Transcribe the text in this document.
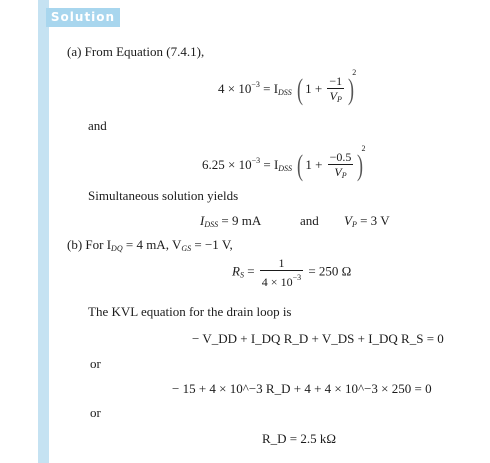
Solution
(a) From Equation (7.4.1),
$4 \times 10^{-3} = I_{DSS}$ ( $1 + \frac{-1}{V_P} )^2$
and
$6.25 \times 10^{-3} = I_{DSS}$ ( $1 + \frac{-0.5}{V_P} )^2$
Simultaneous solution yields
$I_{DSS} = 9$ mA	and $V_P = 3$ V
(b) For $I_{DQ} = 4$ mA, $V_{GS} = -1$ V,
$R_S = \frac{1}{4 \times 10^{-3}} = 250$ Ω
The KVL equation for the drain loop is
− V_DD + I_DQ R_D + V_DS + I_DQ R_S = 0
or
− 15 + 4 × 10^−3 R_D + 4 + 4 × 10^−3 × 250 = 0
or
R_D = 2.5 kΩ
